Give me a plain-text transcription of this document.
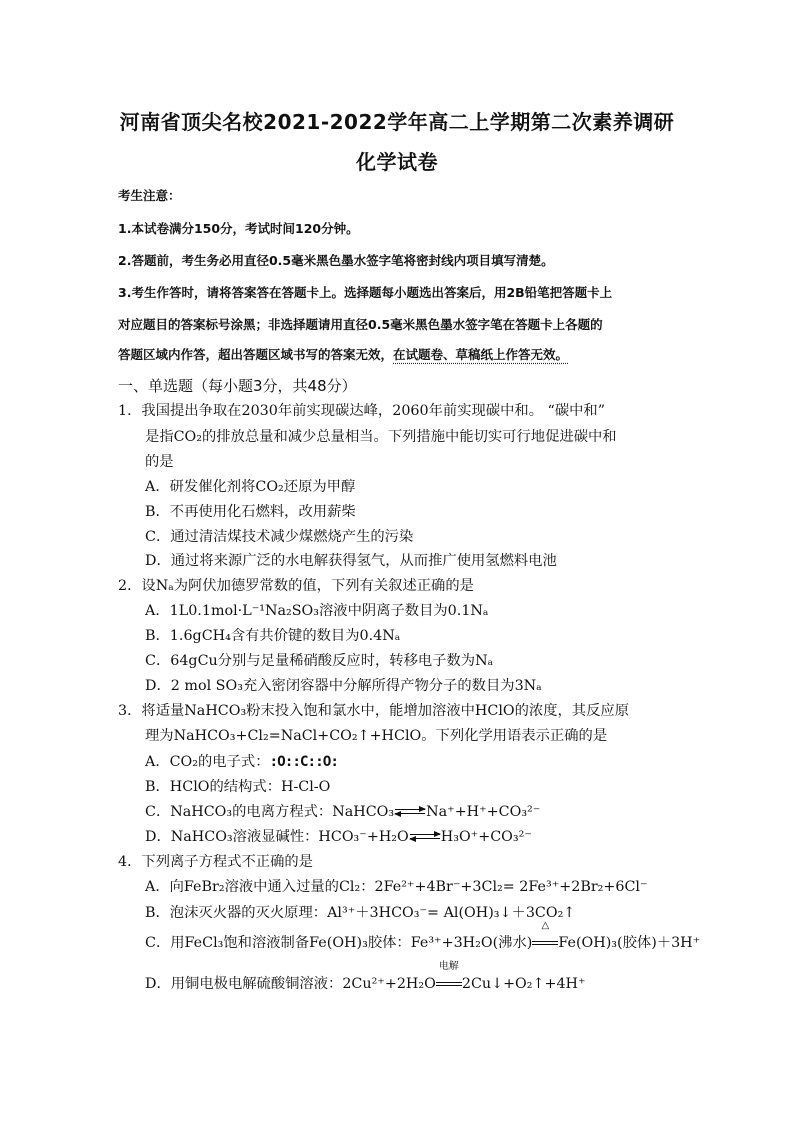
河南省顶尖名校2021-2022学年高二上学期第二次素养调研
化学试卷
考生注意：
1.本试卷满分150分，考试时间120分钟。
2.答题前，考生务必用直径0.5毫米黑色墨水签字笔将密封线内项目填写清楚。
3.考生作答时，请将答案答在答题卡上。选择题每小题选出答案后，用2B铅笔把答题卡上
对应题目的答案标号涂黑；非选择题请用直径0.5毫米黑色墨水签字笔在答题卡上各题的
答题区域内作答，超出答题区域书写的答案无效，在试题卷、草稿纸上作答无效。
一、单选题（每小题3分，共48分）
1．我国提出争取在2030年前实现碳达峰，2060年前实现碳中和。 “碳中和”
是指CO₂的排放总量和减少总量相当。下列措施中能切实可行地促进碳中和
的是
A．研发催化剂将CO₂还原为甲醇
B．不再使用化石燃料，改用薪柴
C．通过清洁煤技术减少煤燃烧产生的污染
D．通过将来源广泛的水电解获得氢气，从而推广使用氢燃料电池
2．设Nₐ为阿伏加德罗常数的值，下列有关叙述正确的是
A．1L0.1mol·L⁻¹Na₂SO₃溶液中阴离子数目为0.1Nₐ
B．1.6gCH₄含有共价键的数目为0.4Nₐ
C．64gCu分别与足量稀硝酸反应时，转移电子数为Nₐ
D．2 mol SO₃充入密闭容器中分解所得产物分子的数目为3Nₐ
3．将适量NaHCO₃粉末投入饱和氯水中，能增加溶液中HClO的浓度，其反应原
理为NaHCO₃+Cl₂=NaCl+CO₂↑+HClO。下列化学用语表示正确的是
A．CO₂的电子式：:O::C::O:
B．HClO的结构式：H-Cl-O
C．NaHCO₃的电离方程式：NaHCO₃ Na⁺+H⁺+CO₃²⁻
D．NaHCO₃溶液显碱性：HCO₃⁻+H₂O H₃O⁺+CO₃²⁻
4．下列离子方程式不正确的是
A．向FeBr₂溶液中通入过量的Cl₂：2Fe²⁺+4Br⁻+3Cl₂= 2Fe³⁺+2Br₂+6Cl⁻
B．泡沫灭火器的灭火原理：Al³⁺＋3HCO₃⁻= Al(OH)₃↓＋3CO₂↑
C．用FeCl₃饱和溶液制备Fe(OH)₃胶体：Fe³⁺+3H₂O(沸水)
△
Fe(OH)₃(胶体)＋3H⁺
D．用铜电极电解硫酸铜溶液：2Cu²⁺+2H₂O
电解
2Cu↓+O₂↑+4H⁺
